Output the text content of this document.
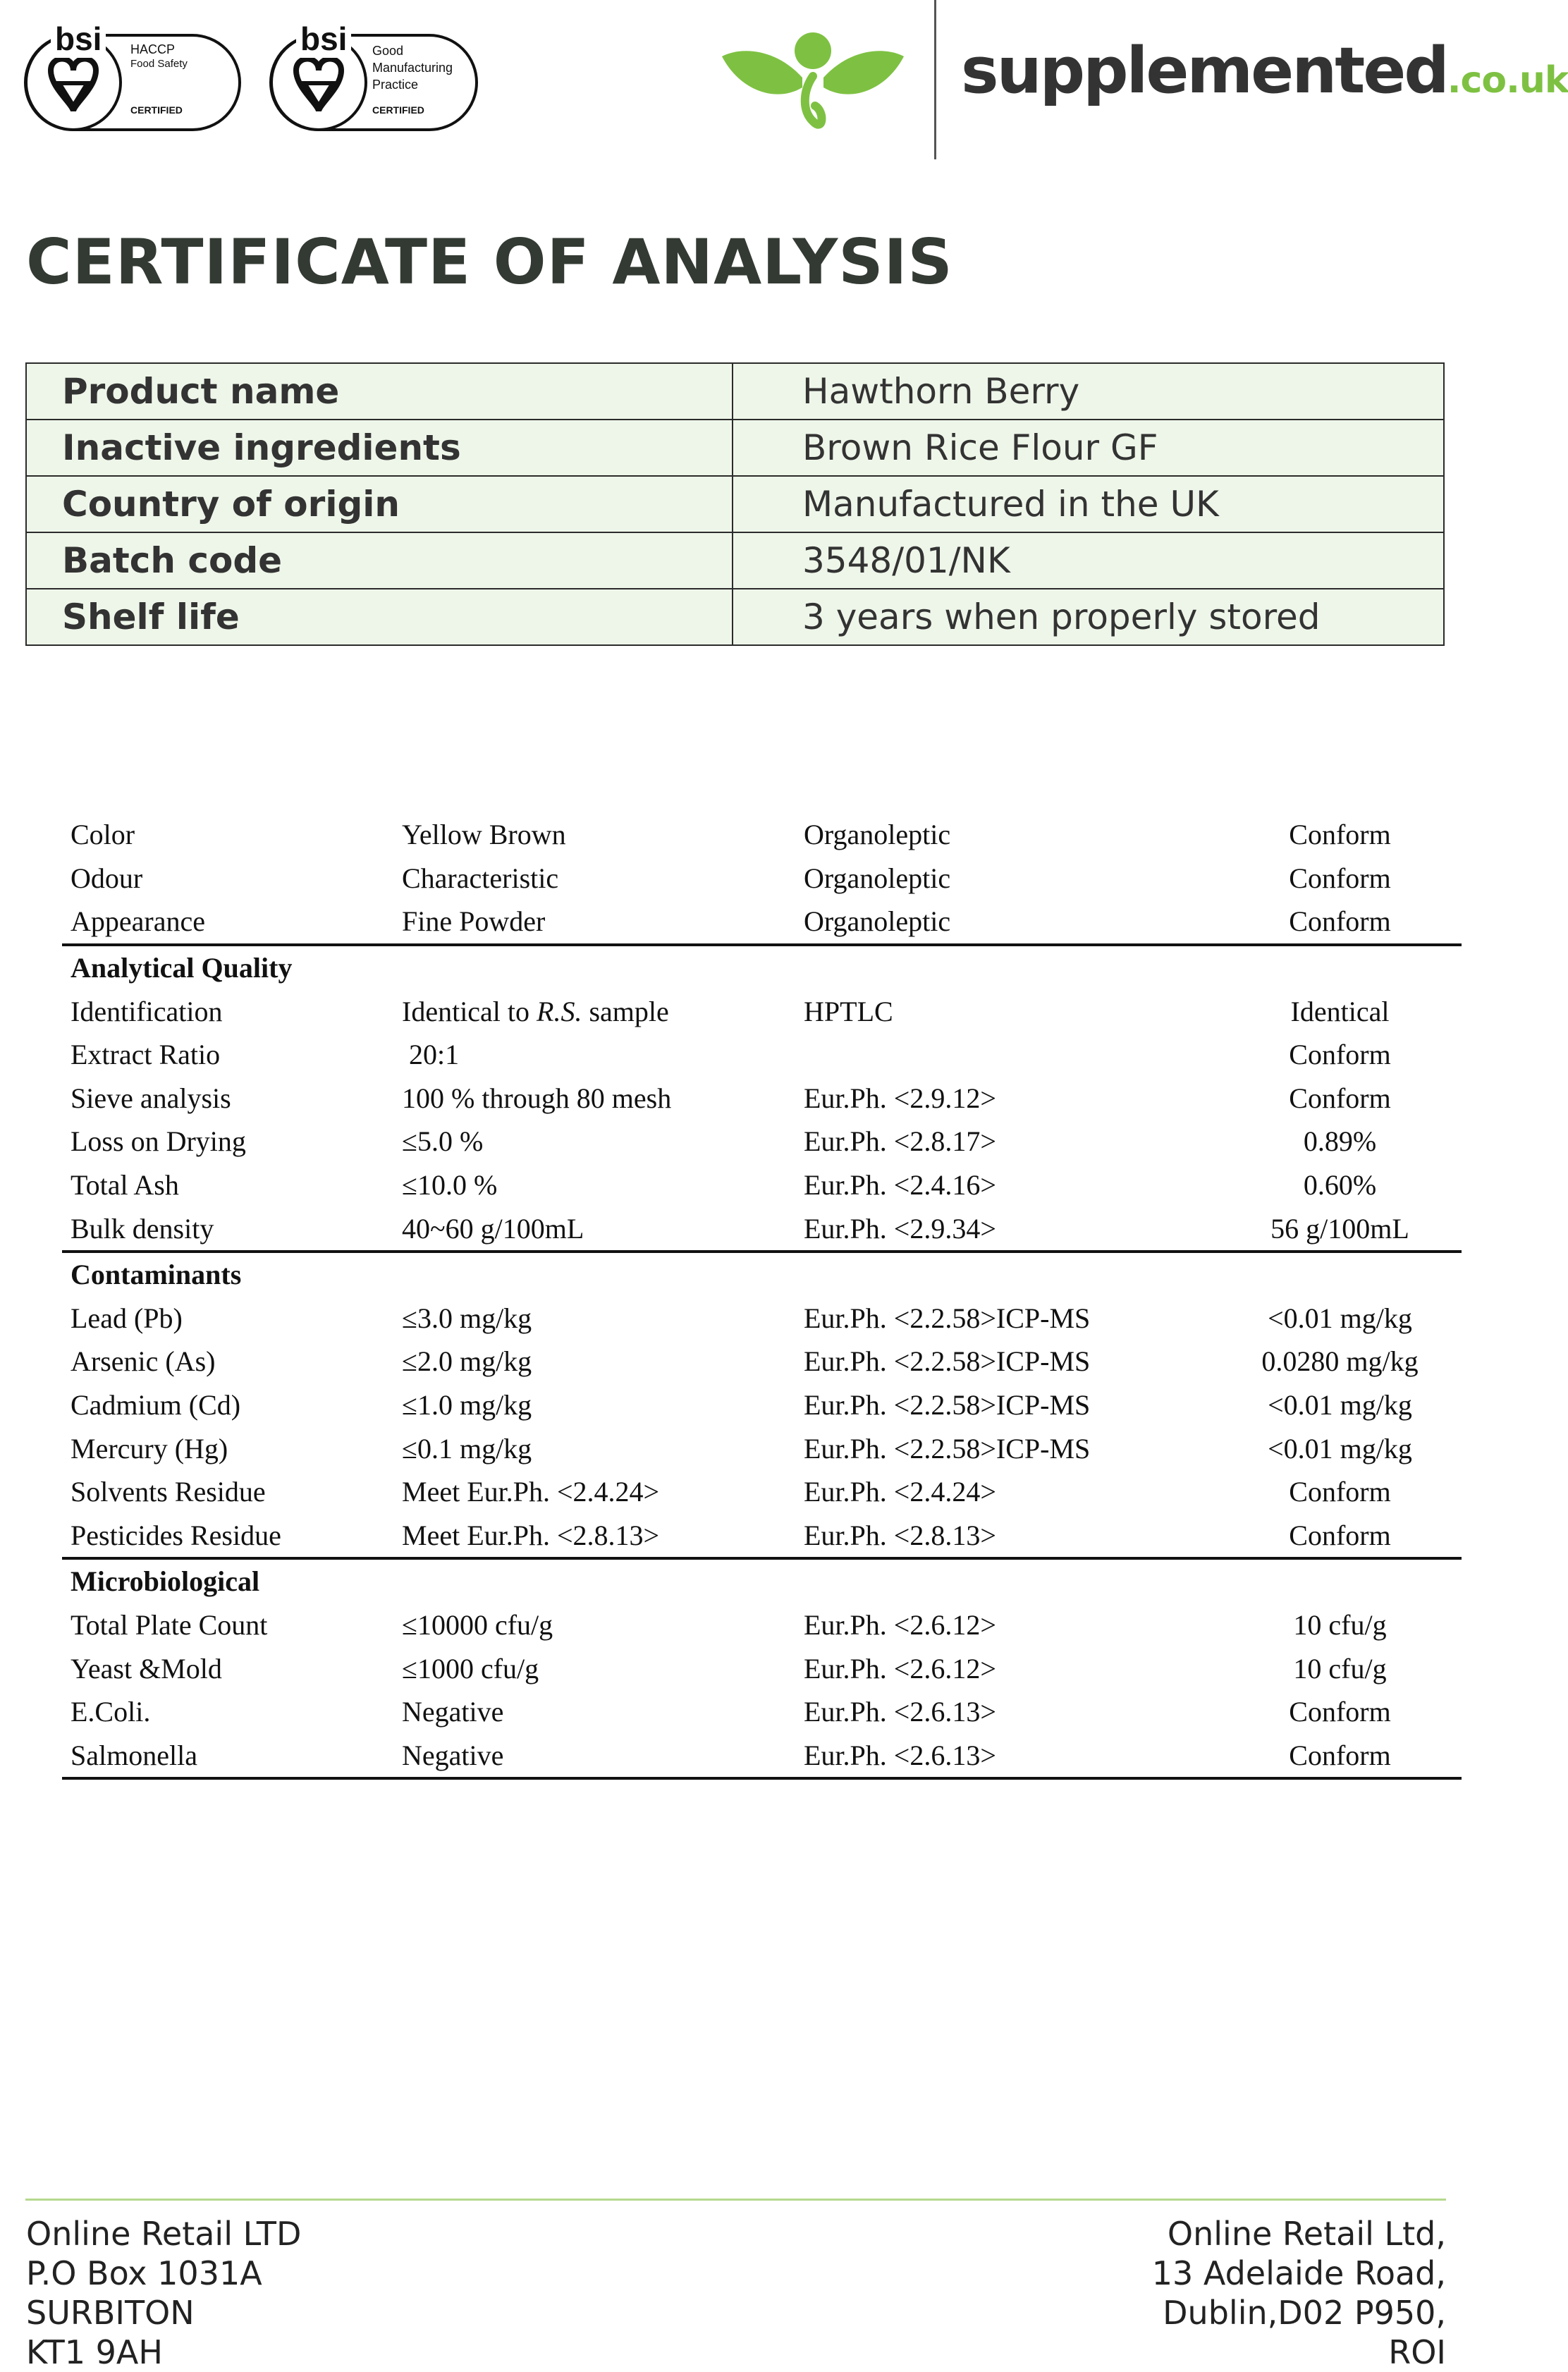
bsi	HACCP
Food Safety
CERTIFIED
bsi	Good
Manufacturing
Practice
CERTIFIED
supplemented.co.uk
CERTIFICATE OF ANALYSIS
Product name	Hawthorn Berry
Inactive ingredients	Brown Rice Flour GF
Country of origin	Manufactured in the UK
Batch code	3548/01/NK
Shelf life	3 years when properly stored
Color	Yellow Brown	Organoleptic	Conform
Odour	Characteristic	Organoleptic	Conform
Appearance	Fine Powder	Organoleptic	Conform
Analytical Quality			
Identification	Identical to R.S. sample	HPTLC	Identical
Extract Ratio	20:1		Conform
Sieve analysis	100 % through 80 mesh	Eur.Ph. <2.9.12>	Conform
Loss on Drying	≤5.0 %	Eur.Ph. <2.8.17>	0.89%
Total Ash	≤10.0 %	Eur.Ph. <2.4.16>	0.60%
Bulk density	40~60 g/100mL	Eur.Ph. <2.9.34>	56 g/100mL
Contaminants			
Lead (Pb)	≤3.0 mg/kg	Eur.Ph. <2.2.58>ICP-MS	<0.01 mg/kg
Arsenic (As)	≤2.0 mg/kg	Eur.Ph. <2.2.58>ICP-MS	0.0280 mg/kg
Cadmium (Cd)	≤1.0 mg/kg	Eur.Ph. <2.2.58>ICP-MS	<0.01 mg/kg
Mercury (Hg)	≤0.1 mg/kg	Eur.Ph. <2.2.58>ICP-MS	<0.01 mg/kg
Solvents Residue	Meet Eur.Ph. <2.4.24>	Eur.Ph. <2.4.24>	Conform
Pesticides Residue	Meet Eur.Ph. <2.8.13>	Eur.Ph. <2.8.13>	Conform
Microbiological			
Total Plate Count	≤10000 cfu/g	Eur.Ph. <2.6.12>	10 cfu/g
Yeast &Mold	≤1000 cfu/g	Eur.Ph. <2.6.12>	10 cfu/g
E.Coli.	Negative	Eur.Ph. <2.6.13>	Conform
Salmonella	Negative	Eur.Ph. <2.6.13>	Conform
Online Retail LTD
P.O Box 1031A
SURBITON
KT1 9AH
Online Retail Ltd,
13 Adelaide Road,
Dublin,D02 P950,
ROI
